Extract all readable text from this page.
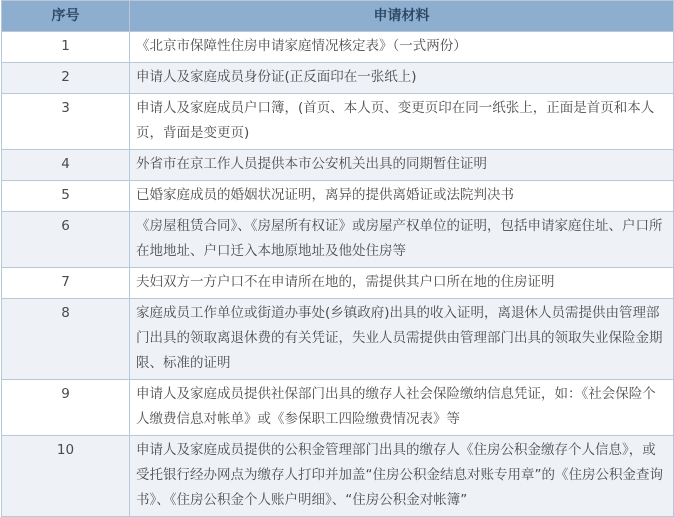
序号	申请材料
1	《北京市保障性住房申请家庭情况核定表》（一式两份）
2	申请人及家庭成员身份证(正反面印在一张纸上)
3	申请人及家庭成员户口簿，(首页、本人页、变更页印在同一纸张上，正面是首页和本人页，背面是变更页)
4	外省市在京工作人员提供本市公安机关出具的同期暂住证明
5	已婚家庭成员的婚姻状况证明，离异的提供离婚证或法院判决书
6	《房屋租赁合同》、《房屋所有权证》或房屋产权单位的证明，包括申请家庭住址、户口所在地地址、户口迁入本地原地址及他处住房等
7	夫妇双方一方户口不在申请所在地的，需提供其户口所在地的住房证明
8	家庭成员工作单位或街道办事处(乡镇政府)出具的收入证明，离退休人员需提供由管理部门出具的领取离退休费的有关凭证，失业人员需提供由管理部门出具的领取失业保险金期限、标准的证明
9	申请人及家庭成员提供社保部门出具的缴存人社会保险缴纳信息凭证，如：《社会保险个人缴费信息对帐单》或《参保职工四险缴费情况表》等
10	申请人及家庭成员提供的公积金管理部门出具的缴存人《住房公积金缴存个人信息》，或受托银行经办网点为缴存人打印并加盖“住房公积金结息对账专用章”的《住房公积金查询书》、《住房公积金个人账户明细》、“住房公积金对帐簿”
